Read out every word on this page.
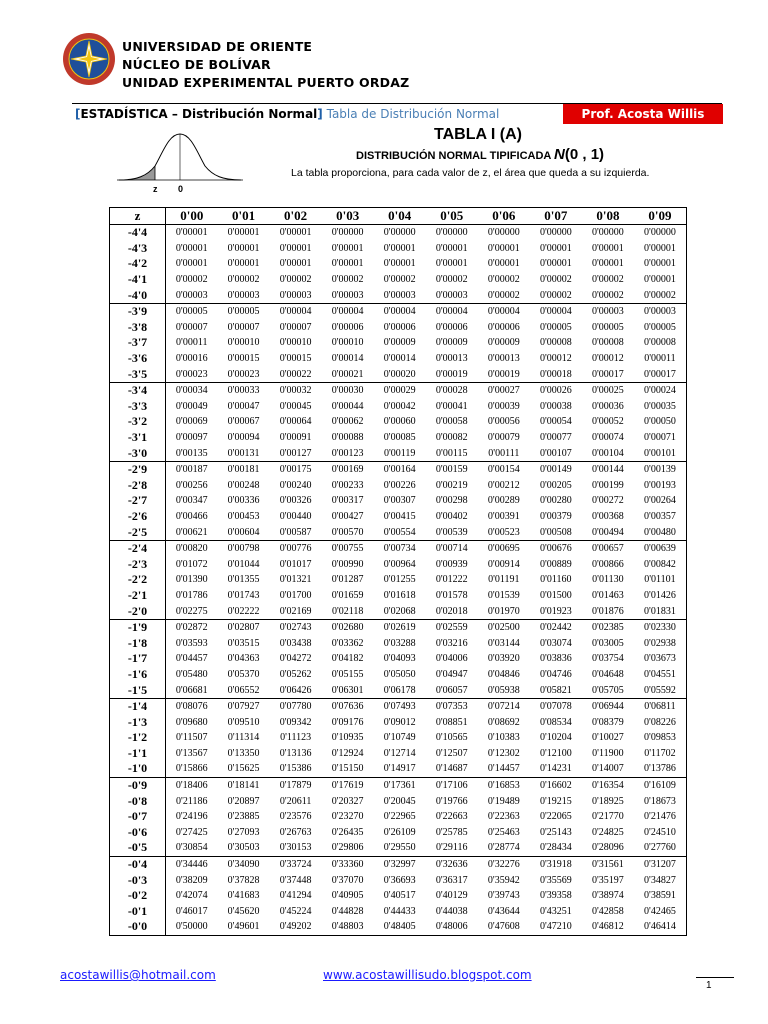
UNIVERSIDAD DE ORIENTE
NÚCLEO DE BOLÍVAR
UNIDAD EXPERIMENTAL PUERTO ORDAZ
[ESTADÍSTICA – Distribución Normal] Tabla de Distribución Normal	Prof. Acosta Willis
z 0
TABLA I (A)
DISTRIBUCIÓN NORMAL TIPIFICADA N(0 , 1)
La tabla proporciona, para cada valor de z, el área que queda a su izquierda.
z	0'00	0'01	0'02	0'03	0'04	0'05	0'06	0'07	0'08	0'09
-4'4	0'00001	0'00001	0'00001	0'00000	0'00000	0'00000	0'00000	0'00000	0'00000	0'00000
-4'3	0'00001	0'00001	0'00001	0'00001	0'00001	0'00001	0'00001	0'00001	0'00001	0'00001
-4'2	0'00001	0'00001	0'00001	0'00001	0'00001	0'00001	0'00001	0'00001	0'00001	0'00001
-4'1	0'00002	0'00002	0'00002	0'00002	0'00002	0'00002	0'00002	0'00002	0'00002	0'00001
-4'0	0'00003	0'00003	0'00003	0'00003	0'00003	0'00003	0'00002	0'00002	0'00002	0'00002
-3'9	0'00005	0'00005	0'00004	0'00004	0'00004	0'00004	0'00004	0'00004	0'00003	0'00003
-3'8	0'00007	0'00007	0'00007	0'00006	0'00006	0'00006	0'00006	0'00005	0'00005	0'00005
-3'7	0'00011	0'00010	0'00010	0'00010	0'00009	0'00009	0'00009	0'00008	0'00008	0'00008
-3'6	0'00016	0'00015	0'00015	0'00014	0'00014	0'00013	0'00013	0'00012	0'00012	0'00011
-3'5	0'00023	0'00023	0'00022	0'00021	0'00020	0'00019	0'00019	0'00018	0'00017	0'00017
-3'4	0'00034	0'00033	0'00032	0'00030	0'00029	0'00028	0'00027	0'00026	0'00025	0'00024
-3'3	0'00049	0'00047	0'00045	0'00044	0'00042	0'00041	0'00039	0'00038	0'00036	0'00035
-3'2	0'00069	0'00067	0'00064	0'00062	0'00060	0'00058	0'00056	0'00054	0'00052	0'00050
-3'1	0'00097	0'00094	0'00091	0'00088	0'00085	0'00082	0'00079	0'00077	0'00074	0'00071
-3'0	0'00135	0'00131	0'00127	0'00123	0'00119	0'00115	0'00111	0'00107	0'00104	0'00101
-2'9	0'00187	0'00181	0'00175	0'00169	0'00164	0'00159	0'00154	0'00149	0'00144	0'00139
-2'8	0'00256	0'00248	0'00240	0'00233	0'00226	0'00219	0'00212	0'00205	0'00199	0'00193
-2'7	0'00347	0'00336	0'00326	0'00317	0'00307	0'00298	0'00289	0'00280	0'00272	0'00264
-2'6	0'00466	0'00453	0'00440	0'00427	0'00415	0'00402	0'00391	0'00379	0'00368	0'00357
-2'5	0'00621	0'00604	0'00587	0'00570	0'00554	0'00539	0'00523	0'00508	0'00494	0'00480
-2'4	0'00820	0'00798	0'00776	0'00755	0'00734	0'00714	0'00695	0'00676	0'00657	0'00639
-2'3	0'01072	0'01044	0'01017	0'00990	0'00964	0'00939	0'00914	0'00889	0'00866	0'00842
-2'2	0'01390	0'01355	0'01321	0'01287	0'01255	0'01222	0'01191	0'01160	0'01130	0'01101
-2'1	0'01786	0'01743	0'01700	0'01659	0'01618	0'01578	0'01539	0'01500	0'01463	0'01426
-2'0	0'02275	0'02222	0'02169	0'02118	0'02068	0'02018	0'01970	0'01923	0'01876	0'01831
-1'9	0'02872	0'02807	0'02743	0'02680	0'02619	0'02559	0'02500	0'02442	0'02385	0'02330
-1'8	0'03593	0'03515	0'03438	0'03362	0'03288	0'03216	0'03144	0'03074	0'03005	0'02938
-1'7	0'04457	0'04363	0'04272	0'04182	0'04093	0'04006	0'03920	0'03836	0'03754	0'03673
-1'6	0'05480	0'05370	0'05262	0'05155	0'05050	0'04947	0'04846	0'04746	0'04648	0'04551
-1'5	0'06681	0'06552	0'06426	0'06301	0'06178	0'06057	0'05938	0'05821	0'05705	0'05592
-1'4	0'08076	0'07927	0'07780	0'07636	0'07493	0'07353	0'07214	0'07078	0'06944	0'06811
-1'3	0'09680	0'09510	0'09342	0'09176	0'09012	0'08851	0'08692	0'08534	0'08379	0'08226
-1'2	0'11507	0'11314	0'11123	0'10935	0'10749	0'10565	0'10383	0'10204	0'10027	0'09853
-1'1	0'13567	0'13350	0'13136	0'12924	0'12714	0'12507	0'12302	0'12100	0'11900	0'11702
-1'0	0'15866	0'15625	0'15386	0'15150	0'14917	0'14687	0'14457	0'14231	0'14007	0'13786
-0'9	0'18406	0'18141	0'17879	0'17619	0'17361	0'17106	0'16853	0'16602	0'16354	0'16109
-0'8	0'21186	0'20897	0'20611	0'20327	0'20045	0'19766	0'19489	0'19215	0'18925	0'18673
-0'7	0'24196	0'23885	0'23576	0'23270	0'22965	0'22663	0'22363	0'22065	0'21770	0'21476
-0'6	0'27425	0'27093	0'26763	0'26435	0'26109	0'25785	0'25463	0'25143	0'24825	0'24510
-0'5	0'30854	0'30503	0'30153	0'29806	0'29550	0'29116	0'28774	0'28434	0'28096	0'27760
-0'4	0'34446	0'34090	0'33724	0'33360	0'32997	0'32636	0'32276	0'31918	0'31561	0'31207
-0'3	0'38209	0'37828	0'37448	0'37070	0'36693	0'36317	0'35942	0'35569	0'35197	0'34827
-0'2	0'42074	0'41683	0'41294	0'40905	0'40517	0'40129	0'39743	0'39358	0'38974	0'38591
-0'1	0'46017	0'45620	0'45224	0'44828	0'44433	0'44038	0'43644	0'43251	0'42858	0'42465
-0'0	0'50000	0'49601	0'49202	0'48803	0'48405	0'48006	0'47608	0'47210	0'46812	0'46414
acostawillis@hotmail.com	www.acostawillisudo.blogspot.com
1
